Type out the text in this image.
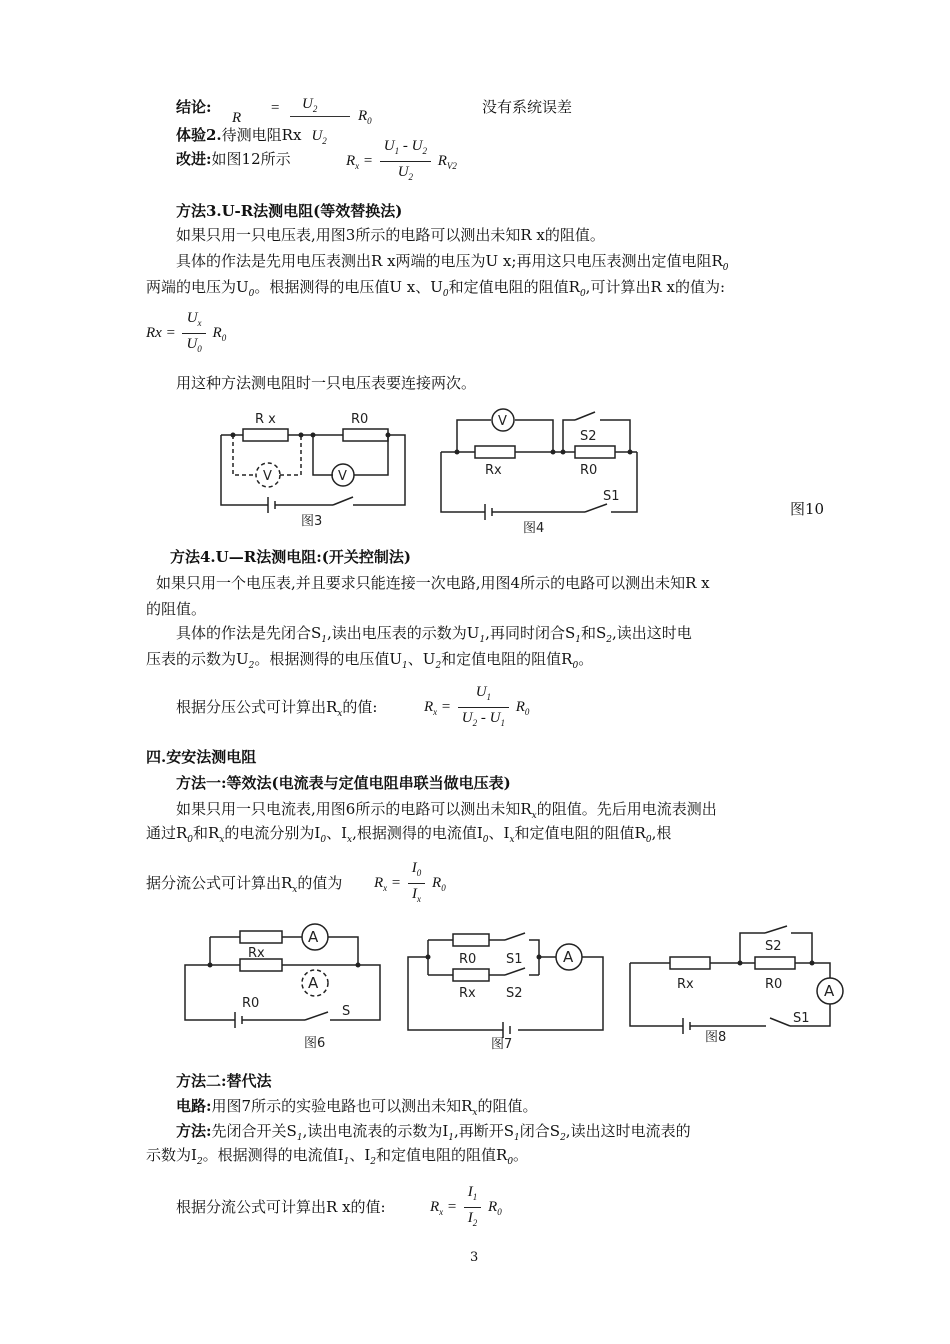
结论:
R
= $U_2$	$R_0$
没有系统误差
体验2.待测电阻Rx $U_2$
改进:如图12所示	$R_x = \frac{U_1 - U_2}{U_2} R_{V2}$
方法3.U-R法测电阻(等效替换法)
如果只用一只电压表,用图3所示的电路可以测出未知R x的阻值。
具体的作法是先用电压表测出R x两端的电压为U x;再用这只电压表测出定值电阻$R_0$
两端的电压为$U_0$。根据测得的电压值U x、$U_0$和定值电阻的阻值$R_0$,可计算出R x的值为:
$Rx = \frac{U_x}{U_0} R_0$
用这种方法测电阻时一只电压表要连接两次。
R x	R0
V	V
图3
V
Rx
S2
R0
S1
图4
图10
方法4.U—R法测电阻:(开关控制法)
如果只用一个电压表,并且要求只能连接一次电路,用图4所示的电路可以测出未知R x
的阻值。
具体的作法是先闭合$S_1$,读出电压表的示数为$U_1$,再同时闭合$S_1$和$S_2$,读出这时电
压表的示数为$U_2$。根据测得的电压值$U_1$、$U_2$和定值电阻的阻值$R_0$。
根据分压公式可计算出$R_x$的值:	$R_x = \frac{U_1}{U_2 - U_1} R_0$
四.安安法测电阻
方法一:等效法(电流表与定值电阻串联当做电压表)
如果只用一只电流表,用图6所示的电路可以测出未知$R_x$的阻值。先后用电流表测出
通过$R_0$和$R_x$的电流分别为$I_0$、$I_x$,根据测得的电流值$I_0$、$I_x$和定值电阻的阻值$R_0$,根
据分流公式可计算出$R_x$的值为 $R_x = \frac{I_0}{I_x} R_0$
A
A
Rx
R0
S
图6
A
R0 S1
Rx S2
图7
A
S2
Rx	R0
S1
图8
方法二:替代法
电路:用图7所示的实验电路也可以测出未知$R_x$的阻值。
方法:先闭合开关$S_1$,读出电流表的示数为$I_1$,再断开$S_1$闭合$S_2$,读出这时电流表的
示数为$I_2$。根据测得的电流值$I_1$、$I_2$和定值电阻的阻值$R_0$。
根据分流公式可计算出R x的值:	$R_x = \frac{I_1}{I_2} R_0$
3
